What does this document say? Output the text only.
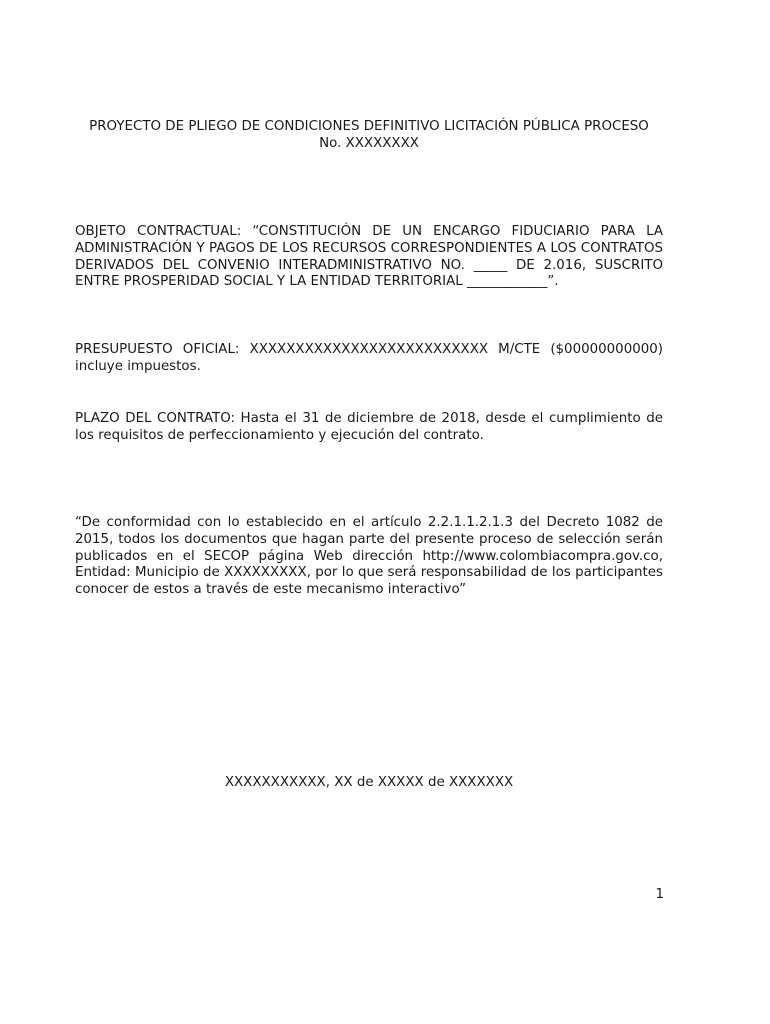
PROYECTO DE PLIEGO DE CONDICIONES DEFINITIVO LICITACIÓN PÚBLICA PROCESO
No. XXXXXXXX

OBJETO CONTRACTUAL: “CONSTITUCIÓN DE UN ENCARGO FIDUCIARIO PARA LA ADMINISTRACIÓN Y PAGOS DE LOS RECURSOS CORRESPONDIENTES A LOS CONTRATOS DERIVADOS DEL CONVENIO INTERADMINISTRATIVO NO. _____ DE 2.016, SUSCRITO ENTRE PROSPERIDAD SOCIAL Y LA ENTIDAD TERRITORIAL ____________”.

PRESUPUESTO OFICIAL: XXXXXXXXXXXXXXXXXXXXXXXXXX M/CTE ($00000000000) incluye impuestos.

PLAZO DEL CONTRATO: Hasta el 31 de diciembre de 2018, desde el cumplimiento de los requisitos de perfeccionamiento y ejecución del contrato.

“De conformidad con lo establecido en el artículo 2.2.1.1.2.1.3 del Decreto 1082 de 2015, todos los documentos que hagan parte del presente proceso de selección serán publicados en el SECOP página Web dirección http://www.colombiacompra.gov.co, Entidad: Municipio de XXXXXXXXX, por lo que será responsabilidad de los participantes conocer de estos a través de este mecanismo interactivo”

XXXXXXXXXXX, XX de XXXXX de XXXXXXX

1
